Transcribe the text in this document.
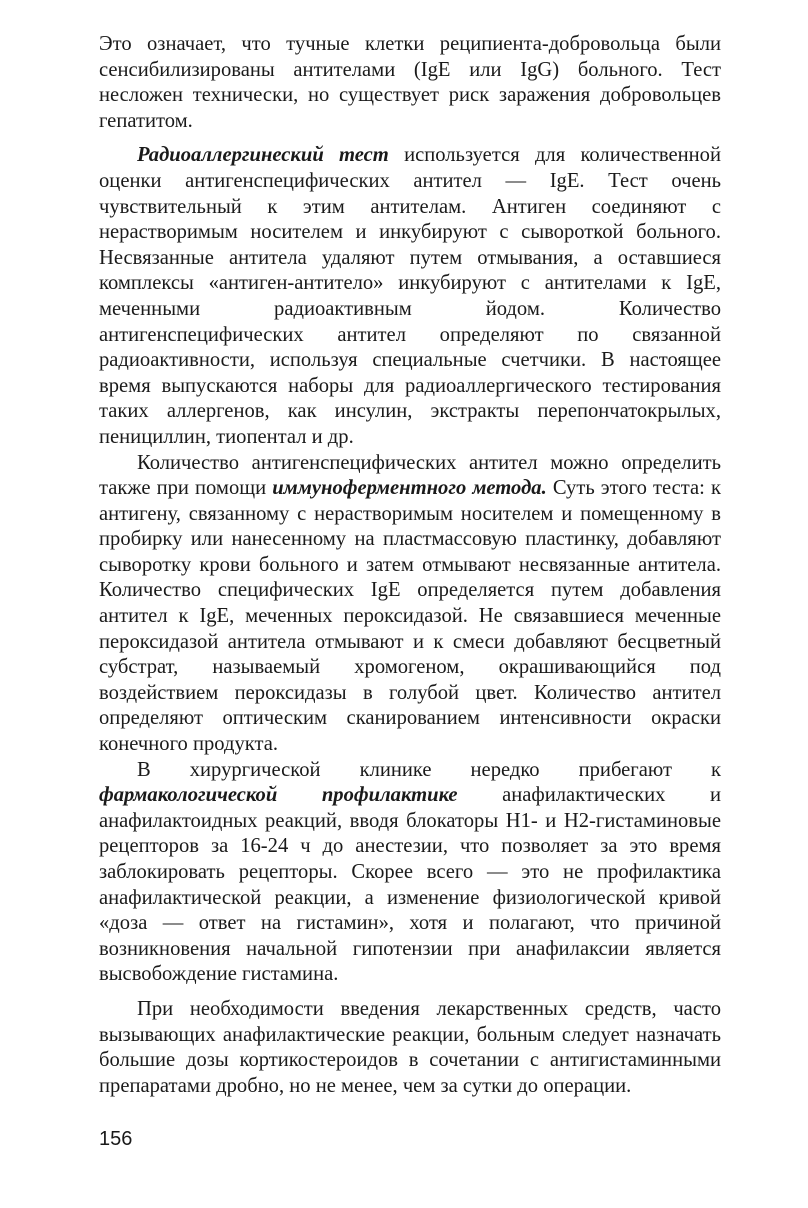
Это означает, что тучные клетки реципиента-добровольца были сенсибилизированы антителами (IgE или IgG) больного. Тест несложен технически, но существует риск заражения добровольцев гепатитом.

Радиоаллергинеский тест используется для количественной оценки антигенспецифических антител — IgE. Тест очень чувствительный к этим антителам. Антиген соединяют с нерастворимым носителем и инкубируют с сывороткой больного. Несвязанные антитела удаляют путем отмывания, а оставшиеся комплексы «антиген-антитело» инкубируют с антителами к IgE, меченными радиоактивным йодом. Количество антигенспецифических антител определяют по связанной радиоактивности, используя специальные счетчики. В настоящее время выпускаются наборы для радиоаллергического тестирования таких аллергенов, как инсулин, экстракты перепончатокрылых, пенициллин, тиопентал и др.

Количество антигенспецифических антител можно определить также при помощи иммуноферментного метода. Суть этого теста: к антигену, связанному с нерастворимым носителем и помещенному в пробирку или нанесенному на пластмассовую пластинку, добавляют сыворотку крови больного и затем отмывают несвязанные антитела. Количество специфических IgE определяется путем добавления антител к IgE, меченных пероксидазой. Не связавшиеся меченные пероксидазой антитела отмывают и к смеси добавляют бесцветный субстрат, называемый хромогеном, окрашивающийся под воздействием пероксидазы в голубой цвет. Количество антител определяют оптическим сканированием интенсивности окраски конечного продукта.

В хирургической клинике нередко прибегают к фармакологической профилактике анафилактических и анафилактоидных реакций, вводя блокаторы Н1- и Н2-гистаминовые рецепторов за 16-24 ч до анестезии, что позволяет за это время заблокировать рецепторы. Скорее всего — это не профилактика анафилактической реакции, а изменение физиологической кривой «доза — ответ на гистамин», хотя и полагают, что причиной возникновения начальной гипотензии при анафилаксии является высвобождение гистамина.

При необходимости введения лекарственных средств, часто вызывающих анафилактические реакции, больным следует назначать большие дозы кортикостероидов в сочетании с антигистаминными препаратами дробно, но не менее, чем за сутки до операции.

156
